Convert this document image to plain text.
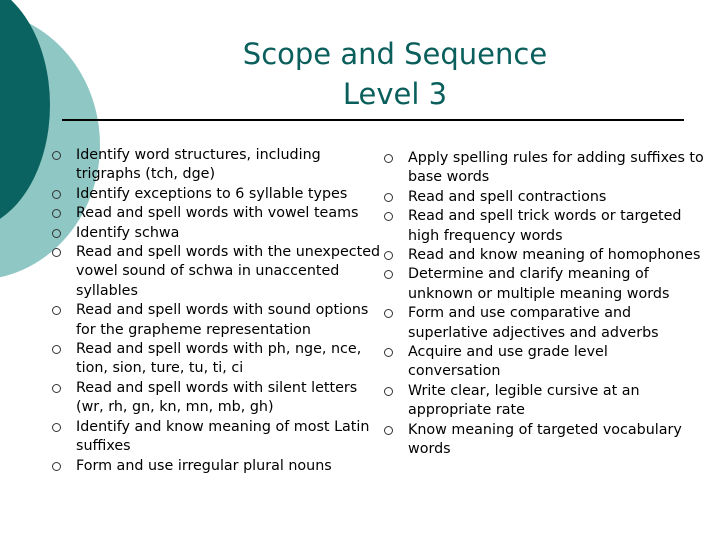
Scope and Sequence
Level 3
Identify word structures, including trigraphs (tch, dge)
Identify exceptions to 6 syllable types
Read and spell words with vowel teams
Identify schwa
Read and spell words with the unexpected vowel sound of schwa in unaccented syllables
Read and spell words with sound options for the grapheme representation
Read and spell words with ph, nge, nce, tion, sion, ture, tu, ti, ci
Read and spell words with silent letters (wr, rh, gn, kn, mn, mb, gh)
Identify and know meaning of most Latin suffixes
Form and use irregular plural nouns
Apply spelling rules for adding suffixes to base words
Read and spell contractions
Read and spell trick words or targeted high frequency words
Read and know meaning of homophones
Determine and clarify meaning of unknown or multiple meaning words
Form and use comparative and superlative adjectives and adverbs
Acquire and use grade level conversation
Write clear, legible cursive at an appropriate rate
Know meaning of targeted vocabulary words
